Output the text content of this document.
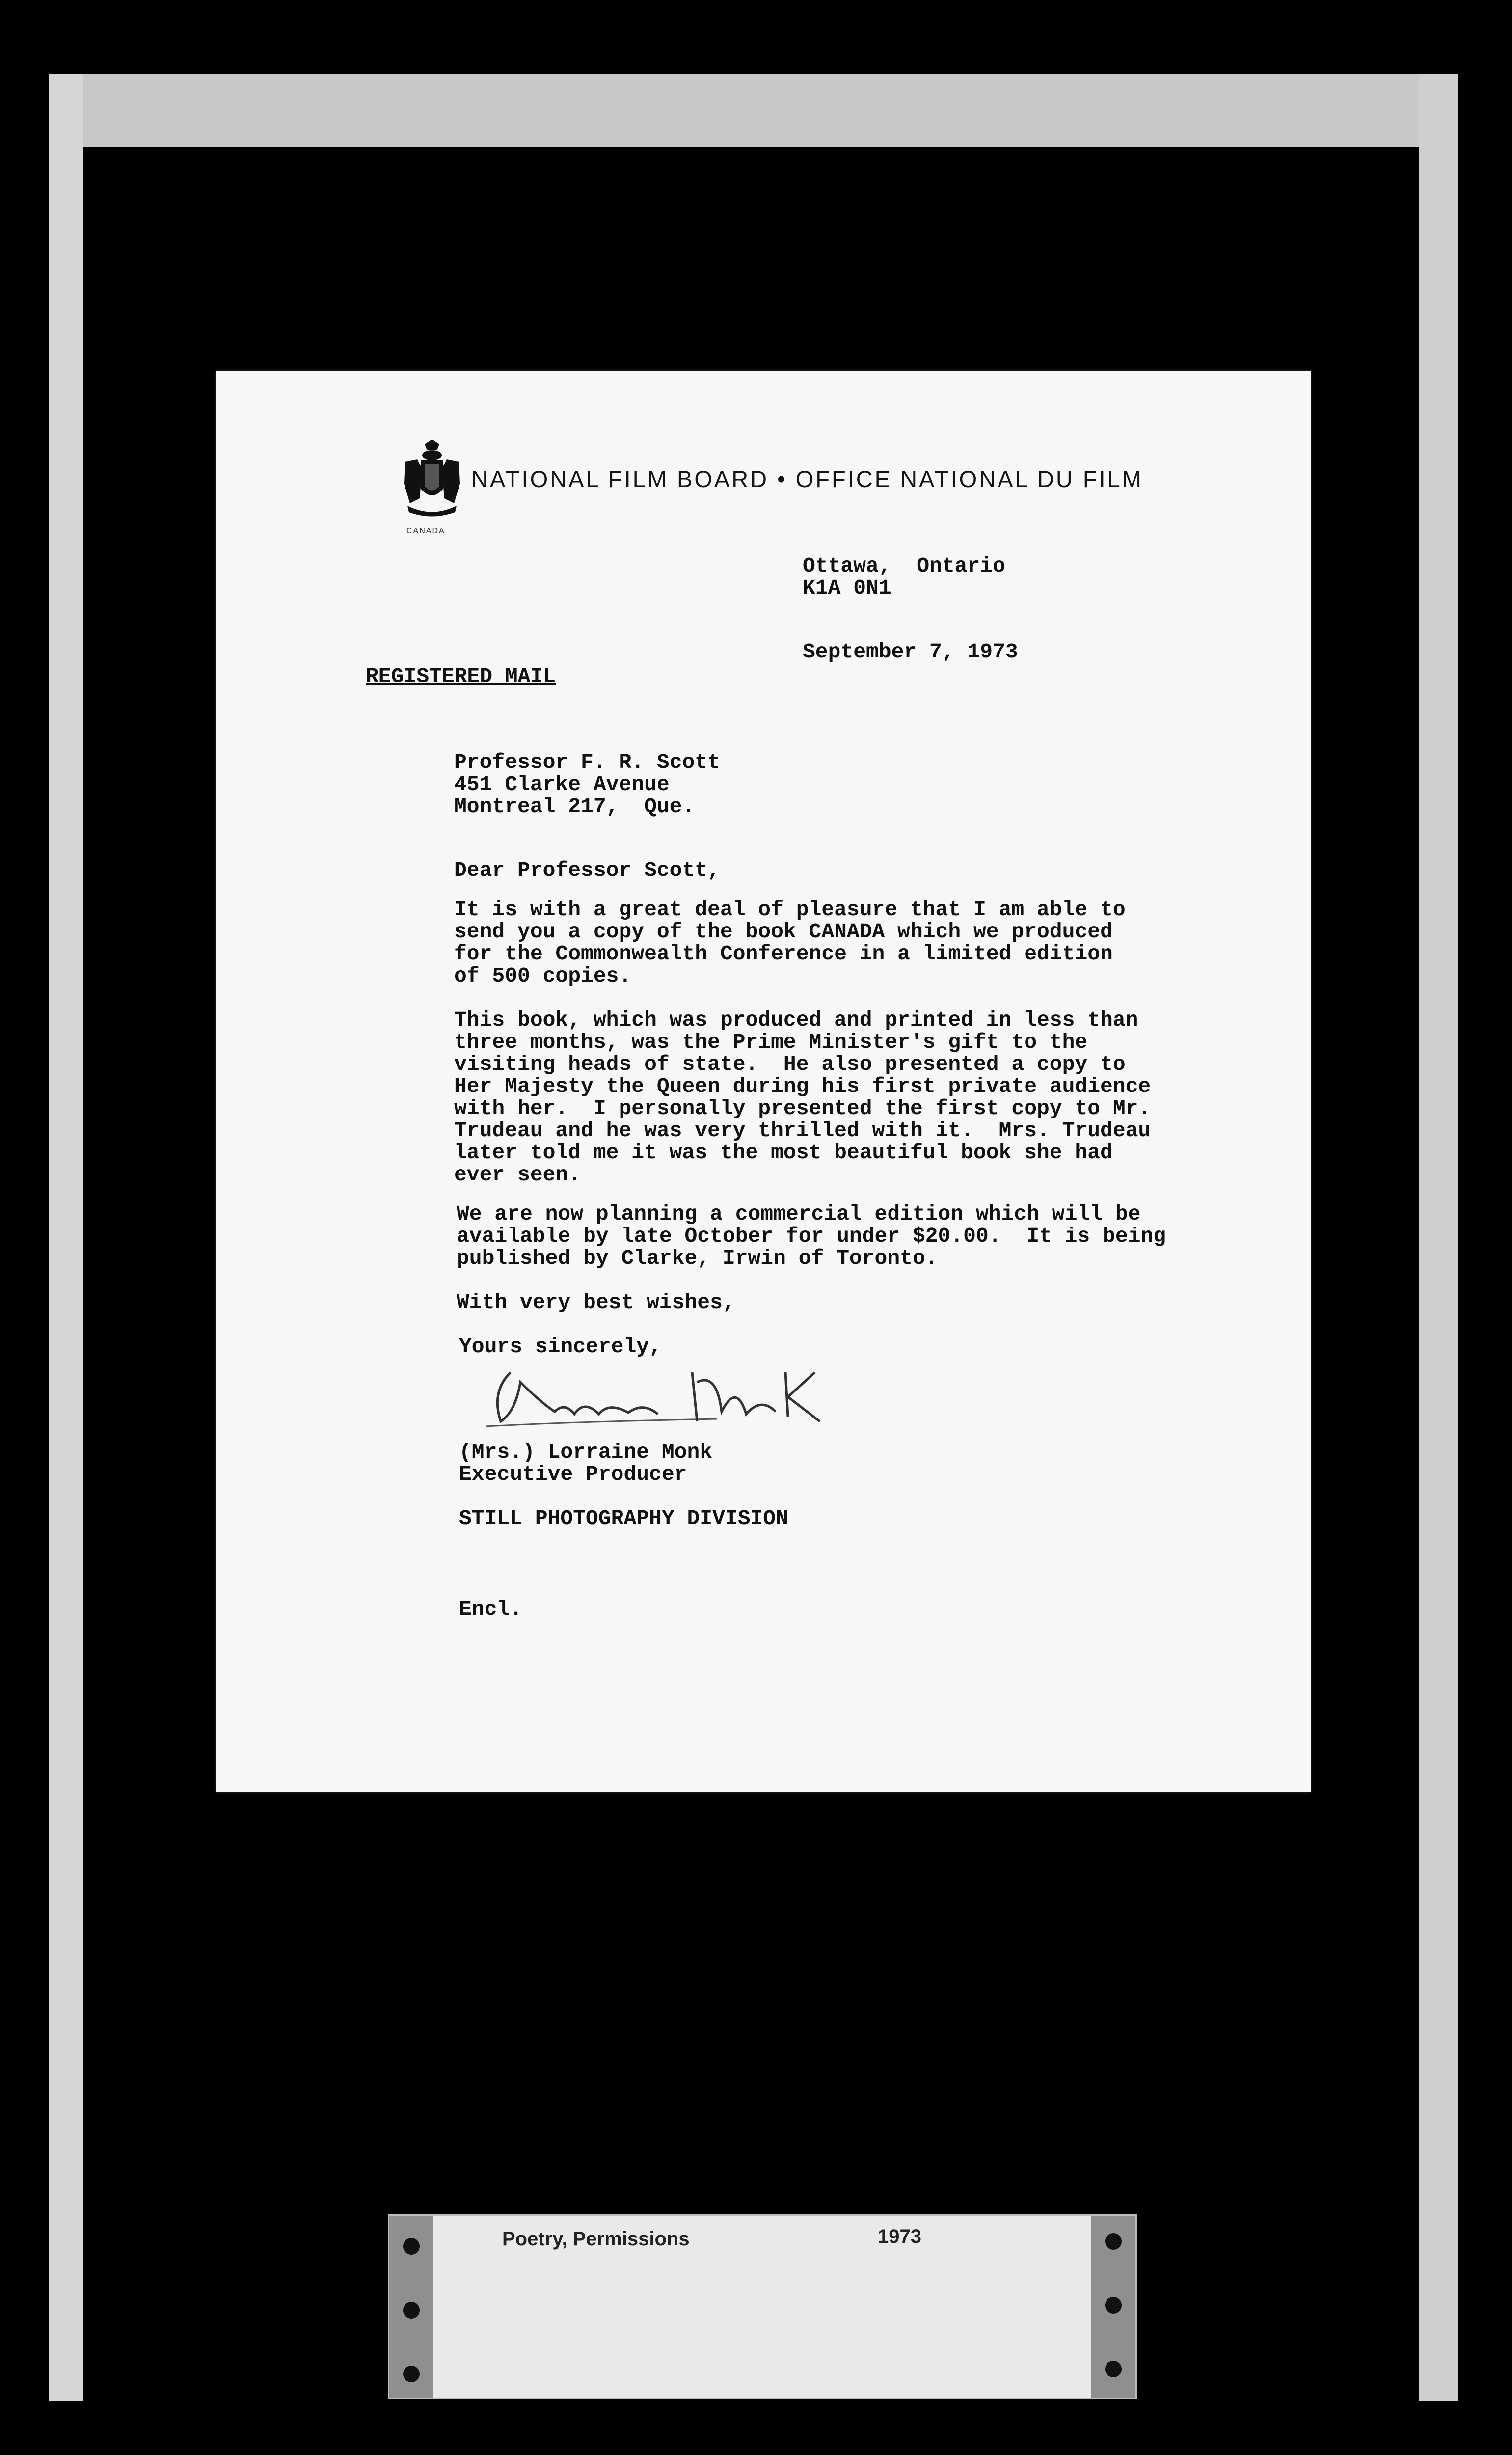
CANADA
NATIONAL FILM BOARD • OFFICE NATIONAL DU FILM
Ottawa,  Ontario
K1A 0N1
September 7, 1973
REGISTERED MAIL
Professor F. R. Scott
451 Clarke Avenue
Montreal 217,  Que.
Dear Professor Scott,
It is with a great deal of pleasure that I am able to
send you a copy of the book CANADA which we produced
for the Commonwealth Conference in a limited edition
of 500 copies.
This book, which was produced and printed in less than
three months, was the Prime Minister's gift to the
visiting heads of state.  He also presented a copy to
Her Majesty the Queen during his first private audience
with her.  I personally presented the first copy to Mr.
Trudeau and he was very thrilled with it.  Mrs. Trudeau
later told me it was the most beautiful book she had
ever seen.
We are now planning a commercial edition which will be
available by late October for under $20.00.  It is being
published by Clarke, Irwin of Toronto.
With very best wishes,
Yours sincerely,
(Mrs.) Lorraine Monk
Executive Producer
STILL PHOTOGRAPHY DIVISION
Encl.
Poetry, Permissions	1973
